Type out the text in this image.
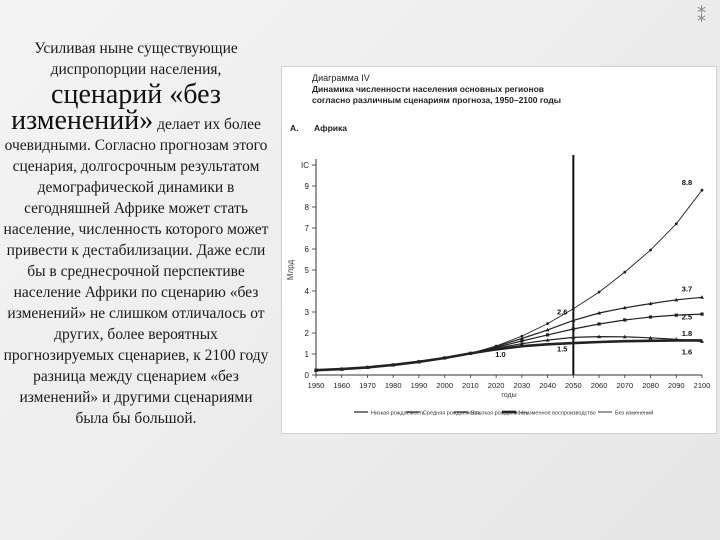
Усиливая ныне существующие диспропорции населения,
сценарий «без
изменений» делает их более очевидными. Согласно прогнозам этого сценария, долгосрочным результатом демографической динамики в сегодняшней Африке может стать население, численность которого может привести к дестабилизации. Даже если бы в среднесрочной перспективе население Африки по сценарию «без изменений» не слишком отличалось от других, более вероятных прогнозируемых сценариев, к 2100 году разница между сценарием «без изменений» и другими сценариями была бы большой.
⁑
Диаграмма IV
Динамика численности населения основных регионов
согласно различным сценариям прогноза, 1950–2100 годы
А. Африка
0
1
2
3
4
5
6
7
8
9
IC
1950 1960 1970 1980 1990 2000 2010 2020 2030 2040 2050 2060 2070 2080 2090 2100
годы
Млрд
8.8
3.7
2.6
2.5
1.8
1.6
1.5
1.0
Низкая рождаемость
Средняя рождаемость
Высокая рождаемость
Неизменное воспроизводство	Без изменений
